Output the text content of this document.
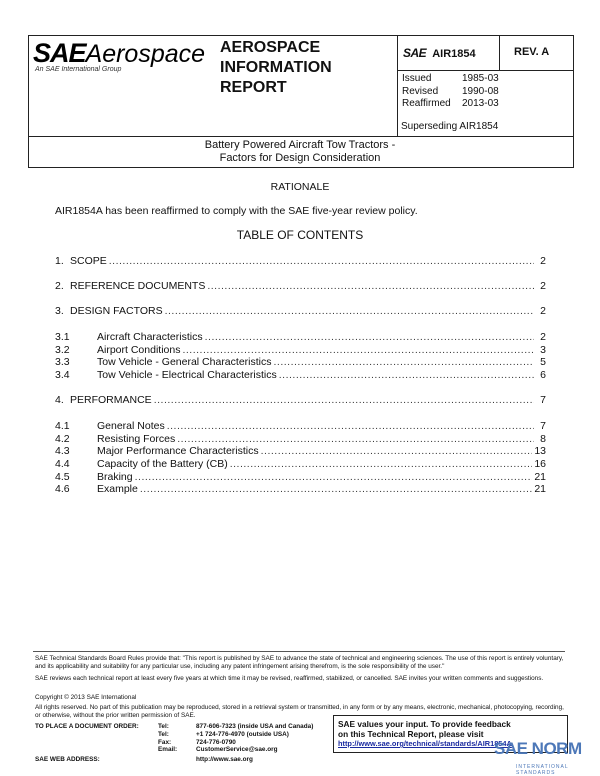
SAEAerospace
An SAE International Group
AEROSPACE
INFORMATION
REPORT
SAE AIR1854	REV. A
Issued	1985-03
Revised	1990-08
Reaffirmed	2013-03
Superseding AIR1854
Battery Powered Aircraft Tow Tractors -
Factors for Design Consideration
RATIONALE
AIR1854A has been reaffirmed to comply with the SAE five-year review policy.
TABLE OF CONTENTS
1. SCOPE .....	2
2. REFERENCE DOCUMENTS .....	2
3. DESIGN FACTORS .....	2
3.1	Aircraft Characteristics .....	2
3.2	Airport Conditions .....	3
3.3	Tow Vehicle - General Characteristics .....	5
3.4	Tow Vehicle - Electrical Characteristics .....	6
4. PERFORMANCE .....	7
4.1	General Notes .....	7
4.2	Resisting Forces .....	8
4.3	Major Performance Characteristics .....	13
4.4	Capacity of the Battery (CB) .....	16
4.5	Braking .....	21
4.6	Example .....	21
SAE Technical Standards Board Rules provide that: "This report is published by SAE to advance the state of technical and engineering sciences. The use of this report is entirely voluntary, and its applicability and suitability for any particular use, including any patent infringement arising therefrom, is the sole responsibility of the user."
SAE reviews each technical report at least every five years at which time it may be revised, reaffirmed, stabilized, or cancelled. SAE invites your written comments and suggestions.
Copyright © 2013 SAE International
All rights reserved. No part of this publication may be reproduced, stored in a retrieval system or transmitted, in any form or by any means, electronic, mechanical, photocopying, recording, or otherwise, without the prior written permission of SAE.
TO PLACE A DOCUMENT ORDER:	Tel:	877-606-7323 (inside USA and Canada)
	Tel:	+1 724-776-4970 (outside USA)
	Fax:	724-776-0790
	Email:	CustomerService@sae.org
SAE WEB ADDRESS:		http://www.sae.org
SAE values your input. To provide feedback
on this Technical Report, please visit
http://www.sae.org/technical/standards/AIR1854A
SAE NORM
INTERNATIONAL STANDARDS
